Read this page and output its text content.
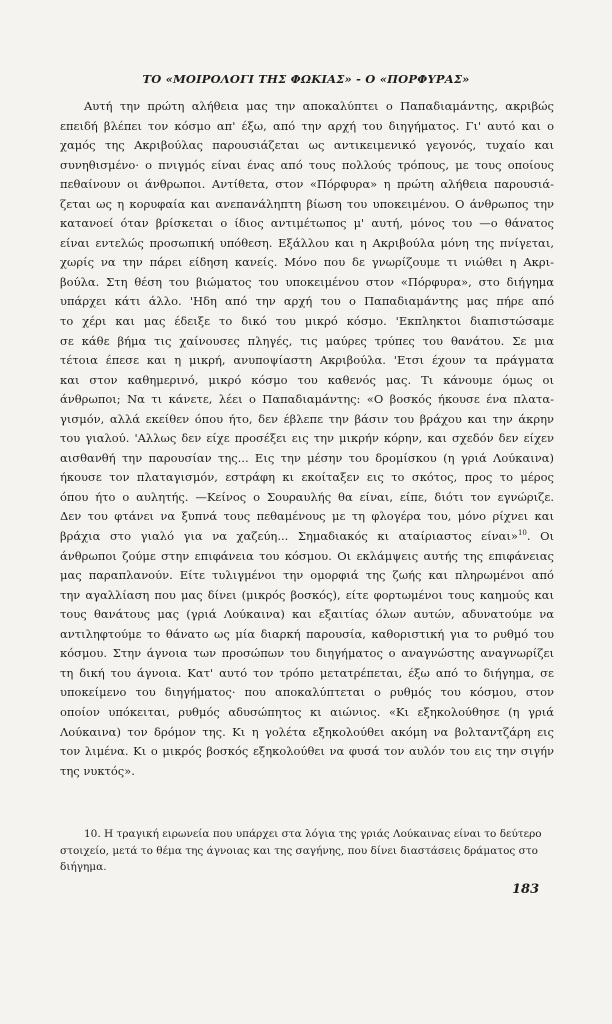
ΤΟ «ΜΟΙΡΟΛΟΓΙ ΤΗΣ ΦΩΚΙΑΣ» - Ο «ΠΟΡΦΥΡΑΣ»
Αυτή την πρώτη αλήθεια μας την αποκαλύπτει ο Παπαδιαμάντης, ακριβώς
επειδή βλέπει τον κόσμο απ' έξω, από την αρχή του διηγήματος. Γι' αυτό και ο
χαμός της Ακριβούλας παρουσιάζεται ως αντικειμενικό γεγονός, τυχαίο και
συνηθισμένο· ο πνιγμός είναι ένας από τους πολλούς τρόπους, με τους οποίους
πεθαίνουν οι άνθρωποι. Αντίθετα, στον «Πόρφυρα» η πρώτη αλήθεια παρουσιά-
ζεται ως η κορυφαία και ανεπανάληπτη βίωση του υποκειμένου. Ο άνθρωπος την
κατανοεί όταν βρίσκεται ο ίδιος αντιμέτωπος μ' αυτή, μόνος του —ο θάνατος
είναι εντελώς προσωπική υπόθεση. Εξάλλου και η Ακριβούλα μόνη της πνίγεται,
χωρίς να την πάρει είδηση κανείς. Μόνο που δε γνωρίζουμε τι νιώθει η Ακρι-
βούλα. Στη θέση του βιώματος του υποκειμένου στον «Πόρφυρα», στο διήγημα
υπάρχει κάτι άλλο. 'Ηδη από την αρχή του ο Παπαδιαμάντης μας πήρε από
το χέρι και μας έδειξε το δικό του μικρό κόσμο. 'Εκπληκτοι διαπιστώσαμε
σε κάθε βήμα τις χαίνουσες πληγές, τις μαύρες τρύπες του θανάτου. Σε μια
τέτοια έπεσε και η μικρή, ανυποψίαστη Ακριβούλα. 'Ετσι έχουν τα πράγματα
και στον καθημερινό, μικρό κόσμο του καθενός μας. Τι κάνουμε όμως οι
άνθρωποι; Να τι κάνετε, λέει ο Παπαδιαμάντης: «Ο βοσκός ήκουσε ένα πλατα-
γισμόν, αλλά εκείθεν όπου ήτο, δεν έβλεπε την βάσιν του βράχου και την άκρην
του γιαλού. 'Αλλως δεν είχε προσέξει εις την μικρήν κόρην, και σχεδόν δεν είχεν
αισθανθή την παρουσίαν της... Εις την μέσην του δρομίσκου (η γριά Λούκαινα)
ήκουσε τον πλαταγισμόν, εστράφη κι εκοίταξεν εις το σκότος, προς το μέρος
όπου ήτο ο αυλητής. —Κείνος ο Σουραυλής θα είναι, είπε, διότι τον εγνώριζε.
Δεν του φτάνει να ξυπνά τους πεθαμένους με τη φλογέρα του, μόνο ρίχνει και
βράχια στο γιαλό για να χαζεύη... Σημαδιακός κι αταίριαστος είναι»$^{10}$. Οι
άνθρωποι ζούμε στην επιφάνεια του κόσμου. Οι εκλάμψεις αυτής της επιφάνειας
μας παραπλανούν. Είτε τυλιγμένοι την ομορφιά της ζωής και πληρωμένοι από
την αγαλλίαση που μας δίνει (μικρός βοσκός), είτε φορτωμένοι τους καημούς και
τους θανάτους μας (γριά Λούκαινα) και εξαιτίας όλων αυτών, αδυνατούμε να
αντιληφτούμε το θάνατο ως μία διαρκή παρουσία, καθοριστική για το ρυθμό του
κόσμου. Στην άγνοια των προσώπων του διηγήματος ο αναγνώστης αναγνωρίζει
τη δική του άγνοια. Κατ' αυτό τον τρόπο μετατρέπεται, έξω από το διήγημα, σε
υποκείμενο του διηγήματος· που αποκαλύπτεται ο ρυθμός του κόσμου, στον
οποίον υπόκειται, ρυθμός αδυσώπητος κι αιώνιος. «Κι εξηκολούθησε (η γριά
Λούκαινα) τον δρόμον της. Κι η γολέτα εξηκολούθει ακόμη να βολταντζάρη εις
τον λιμένα. Κι ο μικρός βοσκός εξηκολούθει να φυσά τον αυλόν του εις την σιγήν
της νυκτός».
10. Η τραγική ειρωνεία που υπάρχει στα λόγια της γριάς Λούκαινας είναι το δεύτερο στοιχείο, μετά το θέμα της άγνοιας και της σαγήνης, που δίνει διαστάσεις δράματος στο διήγημα.
183
